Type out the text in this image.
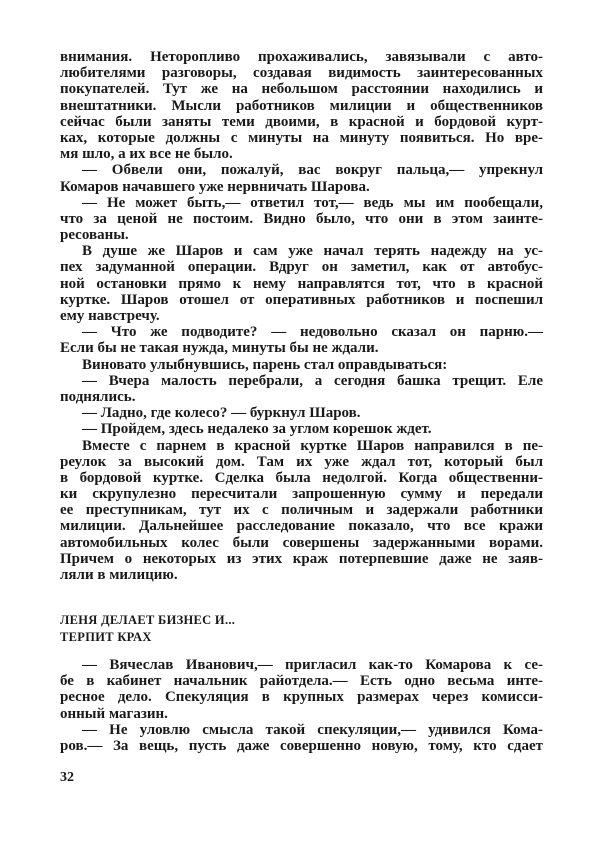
внимания. Неторопливо прохаживались, завязывали с авто-
любителями разговоры, создавая видимость заинтересованных
покупателей. Тут же на небольшом расстоянии находились и
внештатники. Мысли работников милиции и общественников
сейчас были заняты теми двоими, в красной и бордовой курт-
ках, которые должны с минуты на минуту появиться. Но вре-
мя шло, а их все не было.
— Обвели они, пожалуй, вас вокруг пальца,— упрекнул
Комаров начавшего уже нервничать Шарова.
— Не может быть,— ответил тот,— ведь мы им пообещали,
что за ценой не постоим. Видно было, что они в этом заинте-
ресованы.
В душе же Шаров и сам уже начал терять надежду на ус-
пех задуманной операции. Вдруг он заметил, как от автобус-
ной остановки прямо к нему направлятся тот, что в красной
куртке. Шаров отошел от оперативных работников и поспешил
ему навстречу.
— Что же подводите? — недовольно сказал он парню.—
Если бы не такая нужда, минуты бы не ждали.
Виновато улыбнувшись, парень стал оправдываться:
— Вчера малость перебрали, а сегодня башка трещит. Еле
поднялись.
— Ладно, где колесо? — буркнул Шаров.
— Пройдем, здесь недалеко за углом корешок ждет.
Вместе с парнем в красной куртке Шаров направился в пе-
реулок за высокий дом. Там их уже ждал тот, который был
в бордовой куртке. Сделка была недолгой. Когда общественни-
ки скрупулезно пересчитали запрошенную сумму и передали
ее преступникам, тут их с поличным и задержали работники
милиции. Дальнейшее расследование показало, что все кражи
автомобильных колес были совершены задержанными ворами.
Причем о некоторых из этих краж потерпевшие даже не заяв-
ляли в милицию.
ЛЕНЯ ДЕЛАЕТ БИЗНЕС И...
ТЕРПИТ КРАХ
— Вячеслав Иванович,— пригласил как-то Комарова к се-
бе в кабинет начальник райотдела.— Есть одно весьма инте-
ресное дело. Спекуляция в крупных размерах через комисси-
онный магазин.
— Не уловлю смысла такой спекуляции,— удивился Кома-
ров.— За вещь, пусть даже совершенно новую, тому, кто сдает
32
